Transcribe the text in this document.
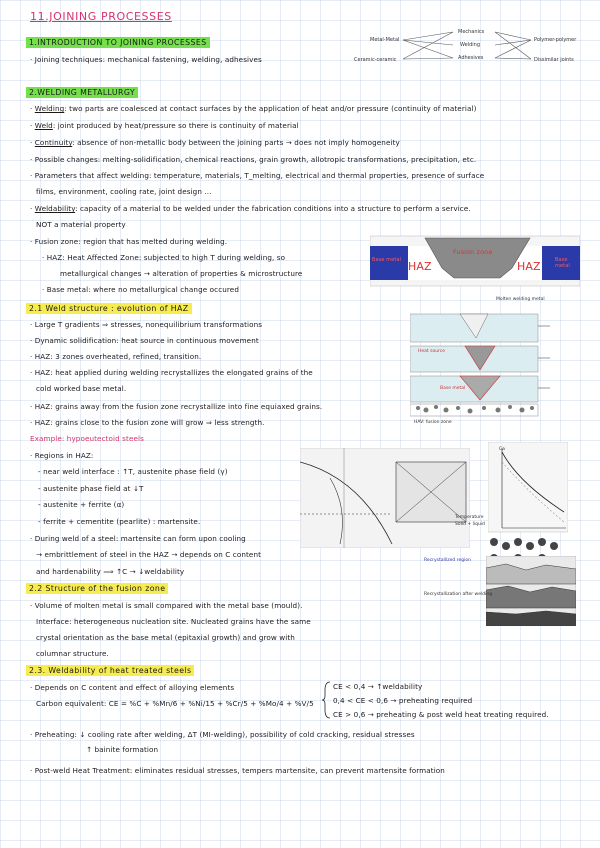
11.JOINING PROCESSES
1.INTRODUCTION TO JOINING PROCESSES
· Joining techniques: mechanical fastening, welding, adhesives
Metal-Metal
Ceramic-ceramic
Mechanics
Welding
Adhesives
Polymer-polymer
Dissimilar joints
2.WELDING METALLURGY
· Welding: two parts are coalesced at contact surfaces by the application of heat and/or pressure (continuity of material)
· Weld: joint produced by heat/pressure so there is continuity of material
· Continuity: absence of non-metallic body between the joining parts → does not imply homogeneity
· Possible changes: melting-solidification, chemical reactions, grain growth, allotropic transformations, precipitation, etc.
· Parameters that affect welding: temperature, materials, T_melting, electrical and thermal properties, presence of surface
films, environment, cooling rate, joint design ...
· Weldability: capacity of a material to be welded under the fabrication conditions into a structure to perform a service.
NOT a material property
· Fusion zone: region that has melted during welding.
· HAZ: Heat Affected Zone: subjected to high T during welding, so
metallurgical changes → alteration of properties & microstructure
· Base metal: where no metallurgical change occured
Fusion zone
HAZ	HAZ
Base metal	Base metal
2.1 Weld structure : evolution of HAZ
· Large T gradients ⇒ stresses, nonequilibrium transformations
· Dynamic solidification: heat source in continuous movement
· HAZ: 3 zones overheated, refined, transition.
· HAZ: heat applied during welding recrystallizes the elongated grains of the
cold worked base metal.
· HAZ: grains away from the fusion zone recrystallize into fine equiaxed grains.
· HAZ: grains close to the fusion zone will grow ⇒ less strength.
Example: hypoeutectoid steels
· Regions in HAZ:
- near weld interface : ↑T, austenite phase field (γ)
- austenite phase field at ↓T
- austenite + ferrite (α)
- ferrite + cementite (pearlite) : martensite.
· During weld of a steel: martensite can form upon cooling
→ embrittlement of steel in the HAZ → depends on C content
and hardenability ⟹ ↑C → ↓weldability
Molten welding metal
Heat source
Base metal
HAV: fusion zone
Ca
Temperature
Solid + liquid
Recrystallized region
Recrystallization after welding
2.2 Structure of the fusion zone
· Volume of molten metal is small compared with the metal base (mould).
Interface: heterogeneous nucleation site. Nucleated grains have the same
crystal orientation as the base metal (epitaxial growth) and grow with
columnar structure.
2.3. Weldability of heat treated steels
· Depends on C content and effect of alloying elements
Carbon equivalent: CE = %C + %Mn/6 + %Ni/15 + %Cr/5 + %Mo/4 + %V/5
CE < 0,4 → ↑weldability
0,4 < CE < 0,6 → preheating required
CE > 0,6 → preheating & post weld heat treating required.
· Preheating: ↓ cooling rate after welding, ΔT (MI-welding), possibility of cold cracking, residual stresses
↑ bainite formation
· Post-weld Heat Treatment: eliminates residual stresses, tempers martensite, can prevent martensite formation
